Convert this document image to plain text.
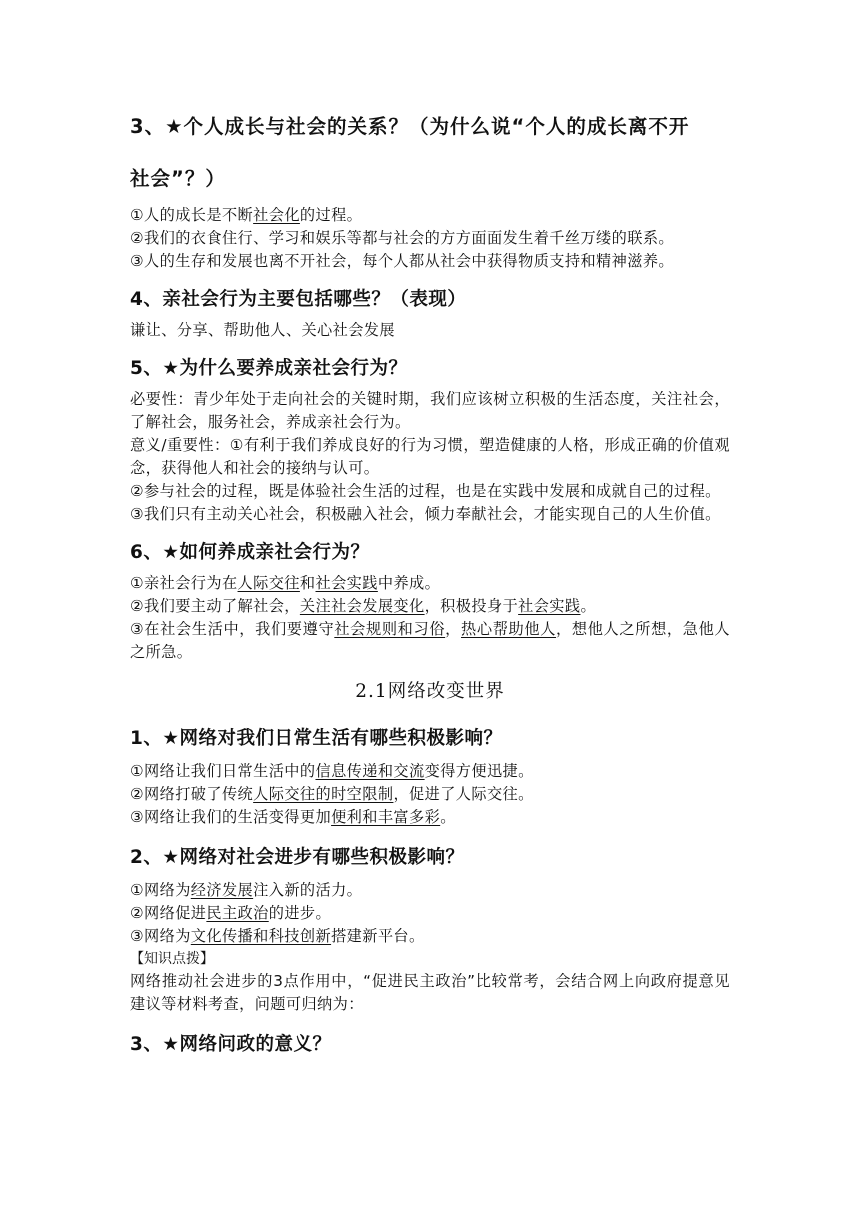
3、★个人成长与社会的关系？（为什么说“个人的成长离不开

社会”？）

①人的成长是不断社会化的过程。

②我们的衣食住行、学习和娱乐等都与社会的方方面面发生着千丝万缕的联系。

③人的生存和发展也离不开社会，每个人都从社会中获得物质支持和精神滋养。

4、亲社会行为主要包括哪些？（表现）

谦让、分享、帮助他人、关心社会发展

5、★为什么要养成亲社会行为？

必要性：青少年处于走向社会的关键时期，我们应该树立积极的生活态度，关注社会，了解社会，服务社会，养成亲社会行为。

意义/重要性：①有利于我们养成良好的行为习惯，塑造健康的人格，形成正确的价值观念，获得他人和社会的接纳与认可。

②参与社会的过程，既是体验社会生活的过程，也是在实践中发展和成就自己的过程。

③我们只有主动关心社会，积极融入社会，倾力奉献社会，才能实现自己的人生价值。

6、★如何养成亲社会行为？

①亲社会行为在人际交往和社会实践中养成。

②我们要主动了解社会，关注社会发展变化，积极投身于社会实践。

③在社会生活中，我们要遵守社会规则和习俗，热心帮助他人，想他人之所想，急他人之所急。

2.1网络改变世界

1、★网络对我们日常生活有哪些积极影响？

①网络让我们日常生活中的信息传递和交流变得方便迅捷。

②网络打破了传统人际交往的时空限制，促进了人际交往。

③网络让我们的生活变得更加便利和丰富多彩。

2、★网络对社会进步有哪些积极影响？

①网络为经济发展注入新的活力。

②网络促进民主政治的进步。

③网络为文化传播和科技创新搭建新平台。

【知识点拨】

网络推动社会进步的3点作用中，“促进民主政治”比较常考，会结合网上向政府提意见建议等材料考查，问题可归纳为：

3、★网络问政的意义？
